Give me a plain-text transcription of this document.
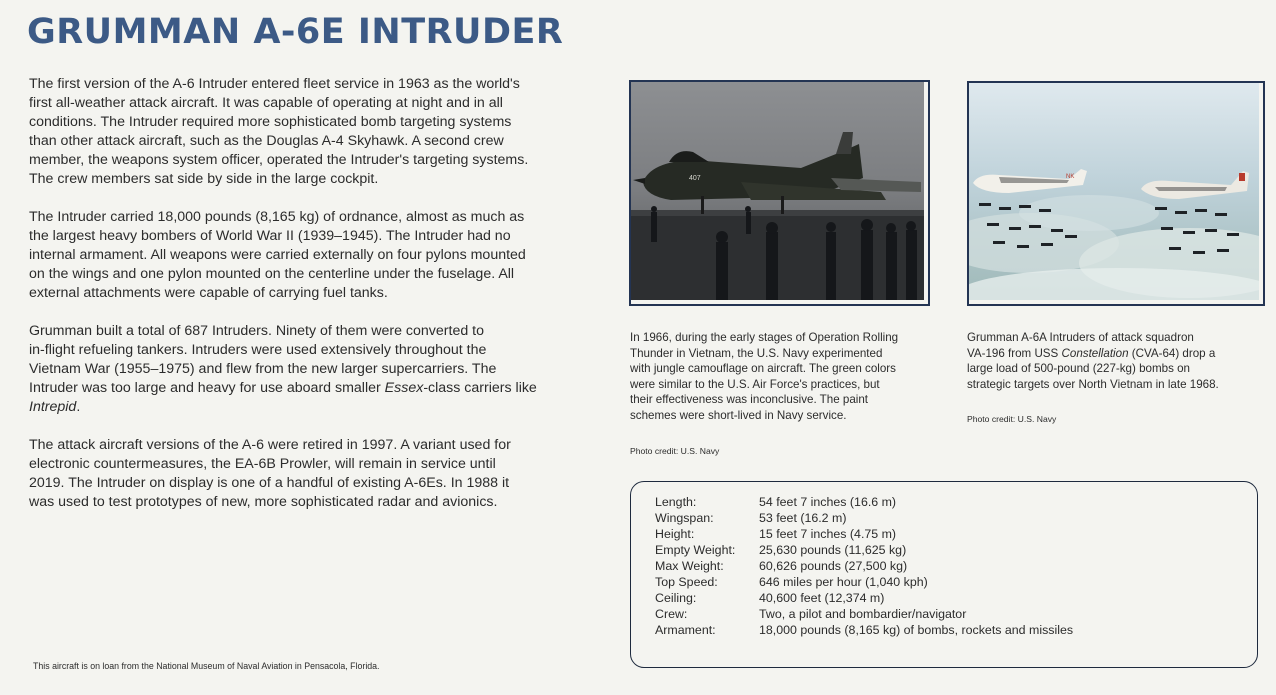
GRUMMAN A-6E INTRUDER

The first version of the A-6 Intruder entered fleet service in 1963 as the world's
first all-weather attack aircraft. It was capable of operating at night and in all
conditions. The Intruder required more sophisticated bomb targeting systems
than other attack aircraft, such as the Douglas A-4 Skyhawk. A second crew
member, the weapons system officer, operated the Intruder's targeting systems.
The crew members sat side by side in the large cockpit.

The Intruder carried 18,000 pounds (8,165 kg) of ordnance, almost as much as
the largest heavy bombers of World War II (1939–1945). The Intruder had no
internal armament. All weapons were carried externally on four pylons mounted
on the wings and one pylon mounted on the centerline under the fuselage. All
external attachments were capable of carrying fuel tanks.

Grumman built a total of 687 Intruders. Ninety of them were converted to
in-flight refueling tankers. Intruders were used extensively throughout the
Vietnam War (1955–1975) and flew from the new larger supercarriers. The
Intruder was too large and heavy for use aboard smaller Essex-class carriers like
Intrepid.

The attack aircraft versions of the A-6 were retired in 1997. A variant used for
electronic countermeasures, the EA-6B Prowler, will remain in service until
2019. The Intruder on display is one of a handful of existing A-6Es. In 1988 it
was used to test prototypes of new, more sophisticated radar and avionics.

This aircraft is on loan from the National Museum of Naval Aviation in Pensacola, Florida.
407	NK
In 1966, during the early stages of Operation Rolling
Thunder in Vietnam, the U.S. Navy experimented
with jungle camouflage on aircraft. The green colors
were similar to the U.S. Air Force's practices, but
their effectiveness was inconclusive. The paint
schemes were short-lived in Navy service.
Photo credit: U.S. Navy
Grumman A-6A Intruders of attack squadron
VA-196 from USS Constellation (CVA-64) drop a
large load of 500-pound (227-kg) bombs on
strategic targets over North Vietnam in late 1968.
Photo credit: U.S. Navy
Length:	54 feet 7 inches (16.6 m)
Wingspan:	53 feet (16.2 m)
Height:	15 feet 7 inches (4.75 m)
Empty Weight:	25,630 pounds (11,625 kg)
Max Weight:	60,626 pounds (27,500 kg)
Top Speed:	646 miles per hour (1,040 kph)
Ceiling:	40,600 feet (12,374 m)
Crew:	Two, a pilot and bombardier/navigator
Armament:	18,000 pounds (8,165 kg) of bombs, rockets and missiles
